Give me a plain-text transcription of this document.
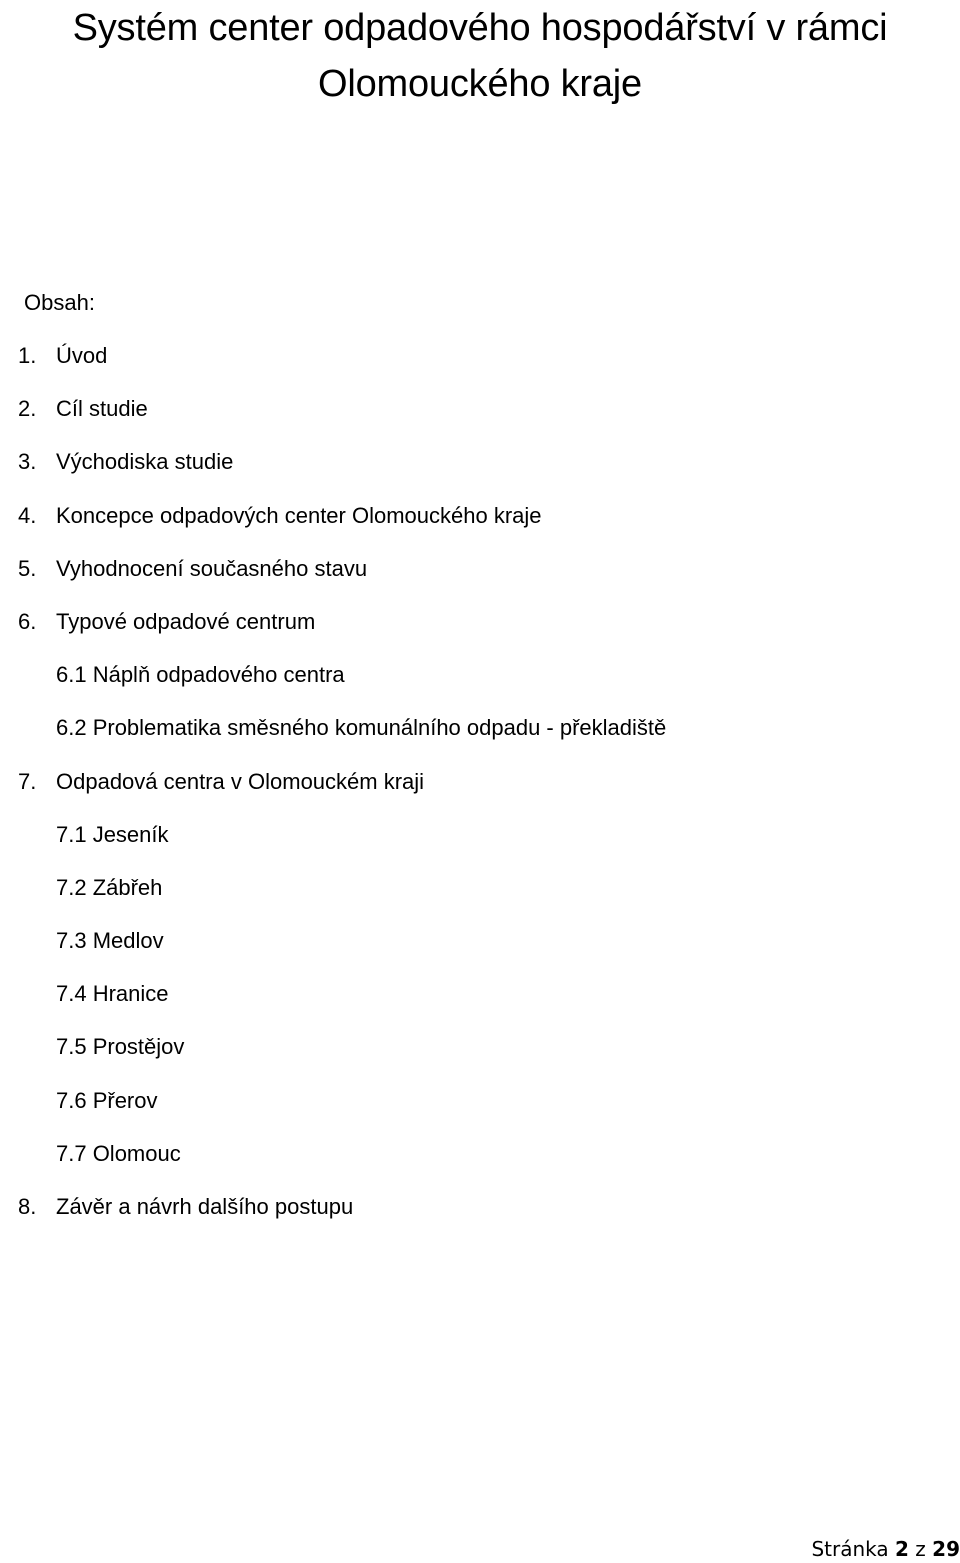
Systém center odpadového hospodářství v rámci Olomouckého kraje
Obsah:
1. Úvod
2. Cíl studie
3. Východiska studie
4. Koncepce odpadových center Olomouckého kraje
5. Vyhodnocení současného stavu
6. Typové odpadové centrum
6.1 Náplň odpadového centra
6.2 Problematika směsného komunálního odpadu - překladiště
7. Odpadová centra v Olomouckém kraji
7.1 Jeseník
7.2 Zábřeh
7.3 Medlov
7.4 Hranice
7.5 Prostějov
7.6 Přerov
7.7 Olomouc
8. Závěr a návrh dalšího postupu
Stránka 2 z 29
